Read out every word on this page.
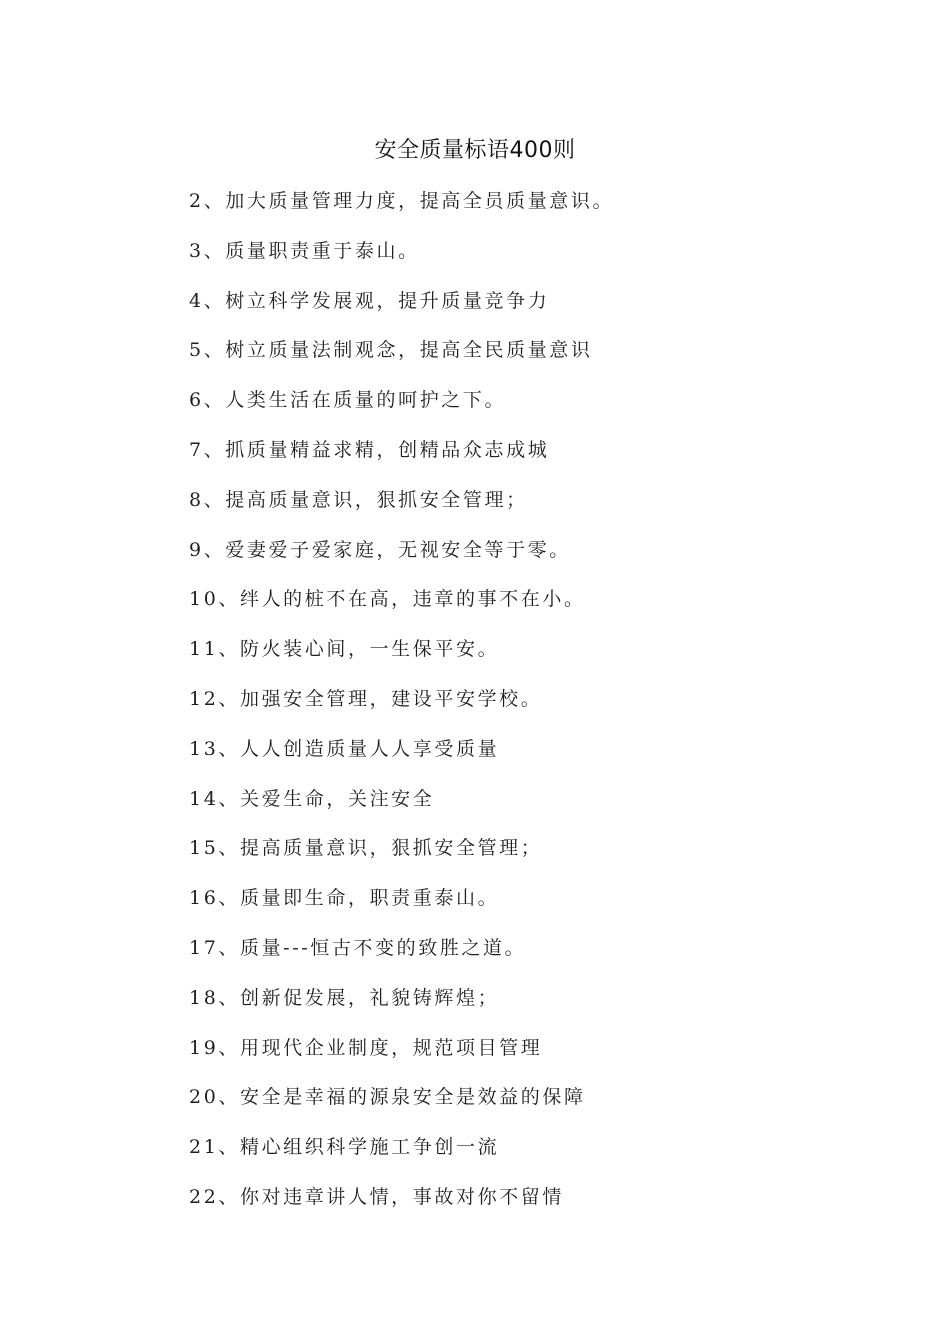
安全质量标语400则
2、加大质量管理力度，提高全员质量意识。
3、质量职责重于泰山。
4、树立科学发展观，提升质量竞争力
5、树立质量法制观念，提高全民质量意识
6、人类生活在质量的呵护之下。
7、抓质量精益求精，创精品众志成城
8、提高质量意识，狠抓安全管理；
9、爱妻爱子爱家庭，无视安全等于零。
10、绊人的桩不在高，违章的事不在小。
11、防火装心间，一生保平安。
12、加强安全管理，建设平安学校。
13、人人创造质量人人享受质量
14、关爱生命，关注安全
15、提高质量意识，狠抓安全管理；
16、质量即生命，职责重泰山。
17、质量---恒古不变的致胜之道。
18、创新促发展，礼貌铸辉煌；
19、用现代企业制度，规范项目管理
20、安全是幸福的源泉安全是效益的保障
21、精心组织科学施工争创一流
22、你对违章讲人情，事故对你不留情
